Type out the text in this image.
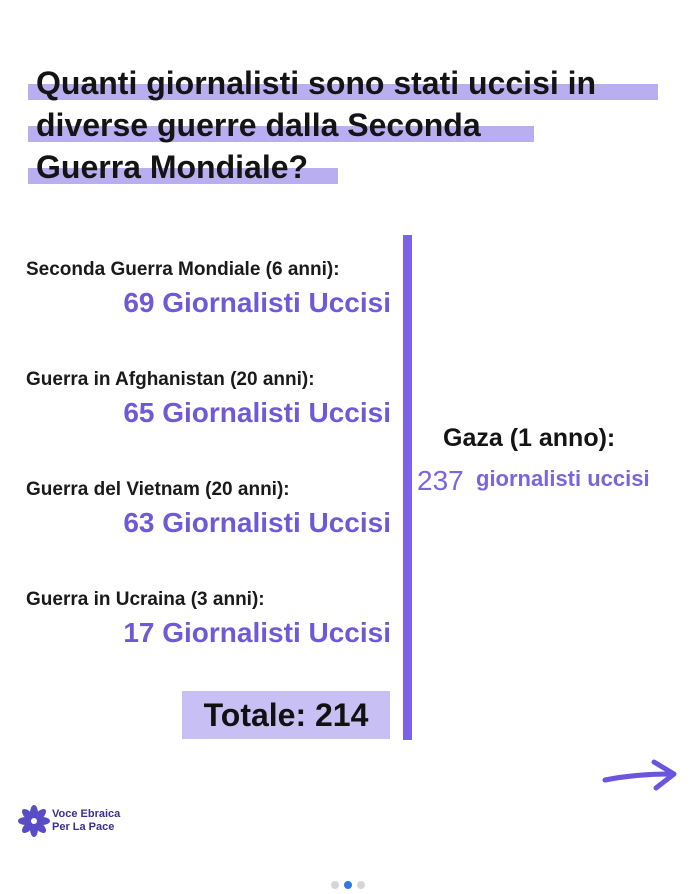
Quanti giornalisti sono stati uccisi in
diverse guerre dalla Seconda
Guerra Mondiale?
Seconda Guerra Mondiale (6 anni):
69 Giornalisti Uccisi
Guerra in Afghanistan (20 anni):
65 Giornalisti Uccisi
Guerra del Vietnam (20 anni):
63 Giornalisti Uccisi
Guerra in Ucraina (3 anni):
17 Giornalisti Uccisi
Totale: 214
Gaza (1 anno):
237 giornalisti uccisi
Voce Ebraica
Per La Pace
